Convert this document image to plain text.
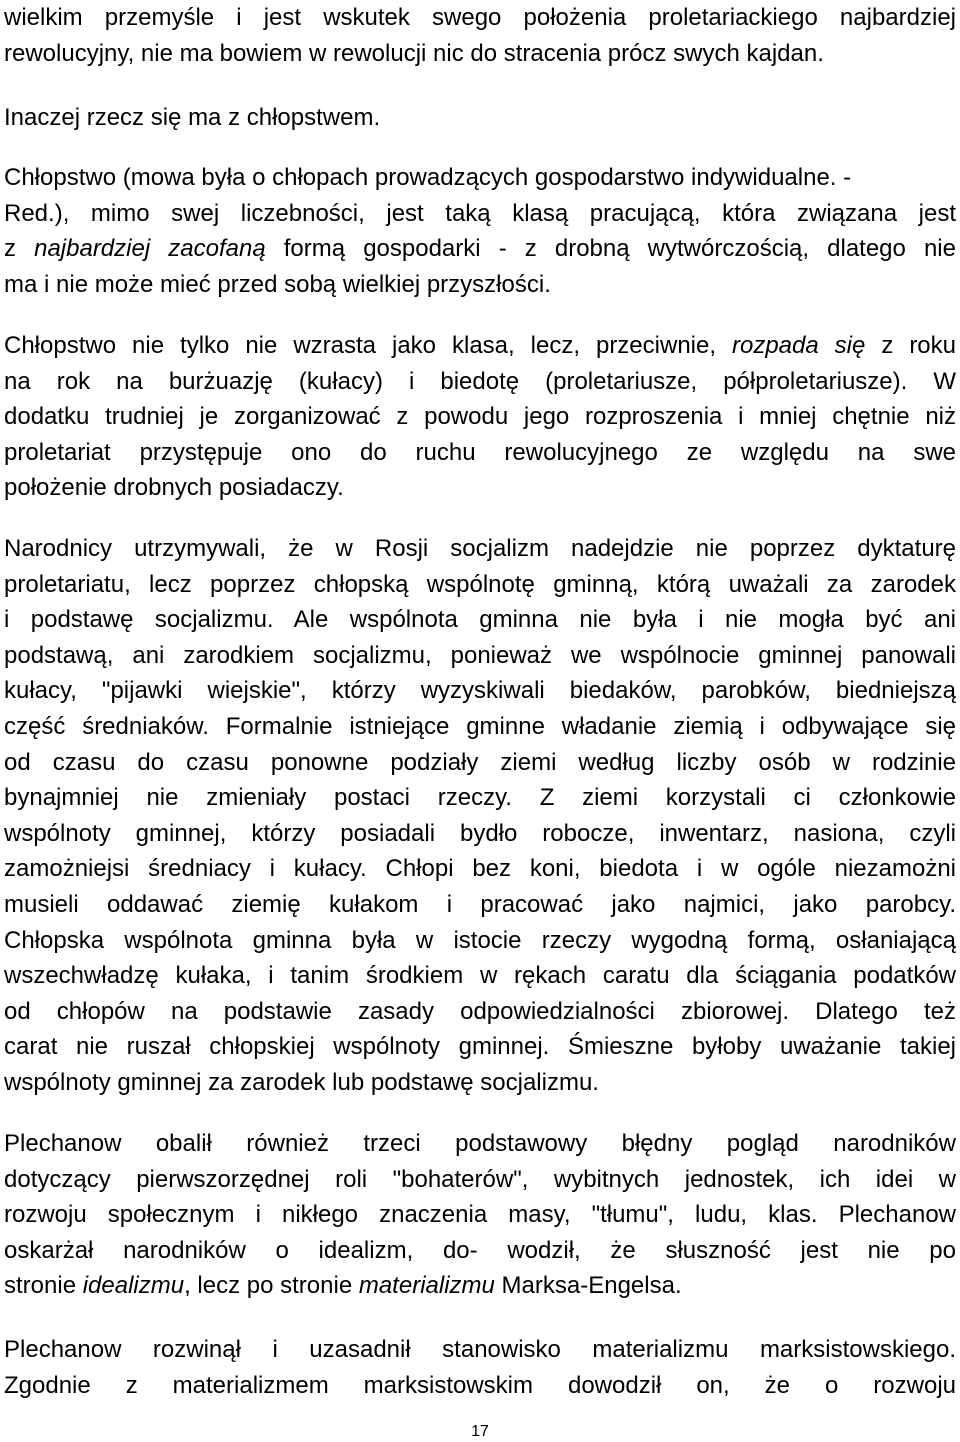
wielkim przemyśle i jest wskutek swego położenia proletariackiego najbardziej
rewolucyjny, nie ma bowiem w rewolucji nic do stracenia prócz swych kajdan.

Inaczej rzecz się ma z chłopstwem.

Chłopstwo (mowa była o chłopach prowadzących gospodarstwo indywidualne. -
Red.), mimo swej liczebności, jest taką klasą pracującą, która związana jest
z najbardziej zacofaną formą gospodarki - z drobną wytwórczością, dlatego nie
ma i nie może mieć przed sobą wielkiej przyszłości.

Chłopstwo nie tylko nie wzrasta jako klasa, lecz, przeciwnie, rozpada się z roku
na rok na burżuazję (kułacy) i biedotę (proletariusze, półproletariusze). W
dodatku trudniej je zorganizować z powodu jego rozproszenia i mniej chętnie niż
proletariat przystępuje ono do ruchu rewolucyjnego ze względu na swe
położenie drobnych posiadaczy.

Narodnicy utrzymywali, że w Rosji socjalizm nadejdzie nie poprzez dyktaturę
proletariatu, lecz poprzez chłopską wspólnotę gminną, którą uważali za zarodek
i podstawę socjalizmu. Ale wspólnota gminna nie była i nie mogła być ani
podstawą, ani zarodkiem socjalizmu, ponieważ we wspólnocie gminnej panowali
kułacy, "pijawki wiejskie", którzy wyzyskiwali biedaków, parobków, biedniejszą
część średniaków. Formalnie istniejące gminne władanie ziemią i odbywające się
od czasu do czasu ponowne podziały ziemi według liczby osób w rodzinie
bynajmniej nie zmieniały postaci rzeczy. Z ziemi korzystali ci członkowie
wspólnoty gminnej, którzy posiadali bydło robocze, inwentarz, nasiona, czyli
zamożniejsi średniacy i kułacy. Chłopi bez koni, biedota i w ogóle niezamożni
musieli oddawać ziemię kułakom i pracować jako najmici, jako parobcy.
Chłopska wspólnota gminna była w istocie rzeczy wygodną formą, osłaniającą
wszechwładzę kułaka, i tanim środkiem w rękach caratu dla ściągania podatków
od chłopów na podstawie zasady odpowiedzialności zbiorowej. Dlatego też
carat nie ruszał chłopskiej wspólnoty gminnej. Śmieszne byłoby uważanie takiej
wspólnoty gminnej za zarodek lub podstawę socjalizmu.

Plechanow obalił również trzeci podstawowy błędny pogląd narodników
dotyczący pierwszorzędnej roli "bohaterów", wybitnych jednostek, ich idei w
rozwoju społecznym i nikłego znaczenia masy, "tłumu", ludu, klas. Plechanow
oskarżał narodników o idealizm, do- wodził, że słuszność jest nie po
stronie idealizmu, lecz po stronie materializmu Marksa-Engelsa.

Plechanow rozwinął i uzasadnił stanowisko materializmu marksistowskiego.
Zgodnie z materializmem marksistowskim dowodził on, że o rozwoju

17
